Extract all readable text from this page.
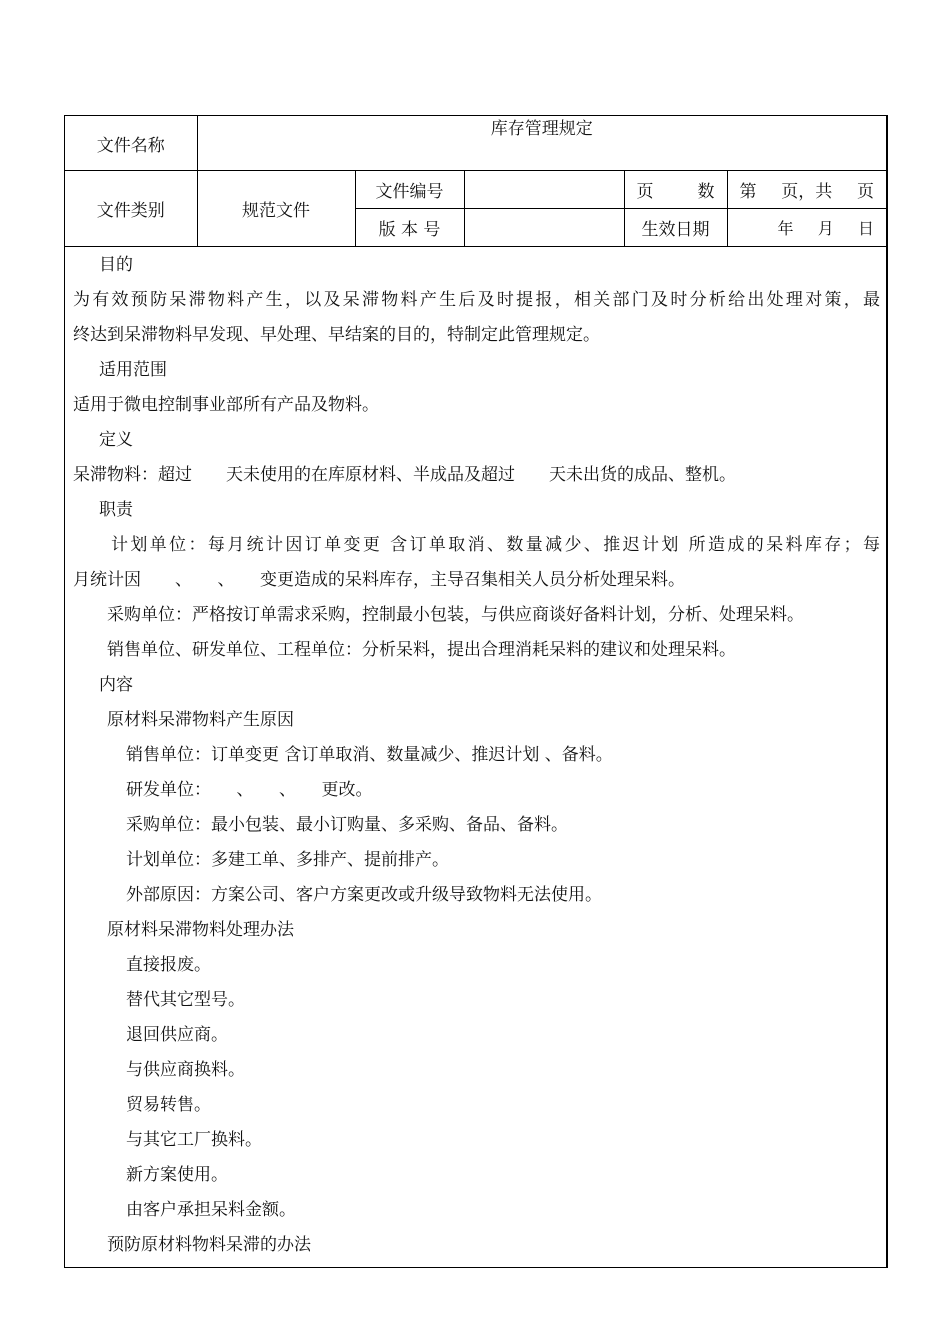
文件名称	库存管理规定				
文件类别	规范文件	文件编号		页 数	第 页，共 页

		版 本 号		生效日期	年 月 日
目的
为有效预防呆滞物料产生，以及呆滞物料产生后及时提报，相关部门及时分析给出处理对策，最
终达到呆滞物料早发现、早处理、早结案的目的，特制定此管理规定。
适用范围
适用于微电控制事业部所有产品及物料。
定义
呆滞物料：超过　　天未使用的在库原材料、半成品及超过　　天未出货的成品、整机。
职责
计划单位：每月统计因订单变更 含订单取消、数量减少、推迟计划 所造成的呆料库存；每
月统计因　　、　　、　　变更造成的呆料库存，主导召集相关人员分析处理呆料。
采购单位：严格按订单需求采购，控制最小包装，与供应商谈好备料计划，分析、处理呆料。
销售单位、研发单位、工程单位：分析呆料，提出合理消耗呆料的建议和处理呆料。
内容
原材料呆滞物料产生原因
销售单位：订单变更 含订单取消、数量减少、推迟计划 、备料。
研发单位：　　、　　、　　更改。
采购单位：最小包装、最小订购量、多采购、备品、备料。
计划单位：多建工单、多排产、提前排产。
外部原因：方案公司、客户方案更改或升级导致物料无法使用。
原材料呆滞物料处理办法
直接报废。
替代其它型号。
退回供应商。
与供应商换料。
贸易转售。
与其它工厂换料。
新方案使用。
由客户承担呆料金额。
预防原材料物料呆滞的办法
